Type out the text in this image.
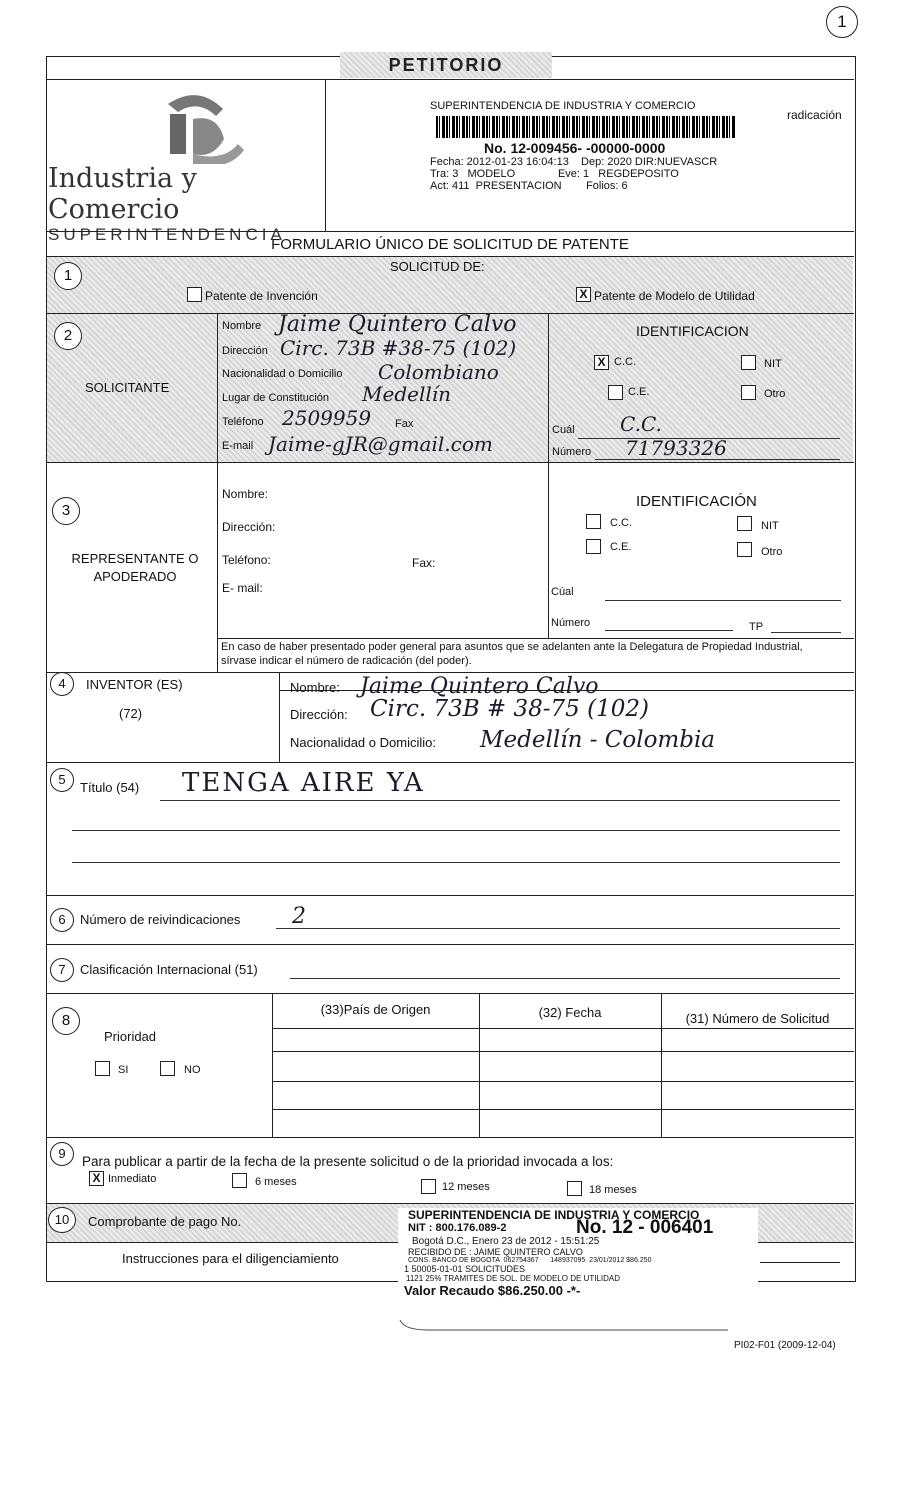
1
PETITORIO
Industria y Comercio
SUPERINTENDENCIA
radicación
SUPERINTENDENCIA DE INDUSTRIA Y COMERCIO
No. 12-009456- -00000-0000
Fecha: 2012-01-23 16:04:13    Dep: 2020 DIR:NUEVASCR
Tra: 3   MODELO              Eve: 1   REGDEPOSITO
Act: 411  PRESENTACION        Folios: 6
FORMULARIO ÚNICO DE SOLICITUD DE PATENTE
1
SOLICITUD DE:
Patente de Invención	X Patente de Modelo de Utilidad
2
SOLICITANTE
Nombre Jaime Quintero Calvo
Dirección Circ. 73B #38-75 (102)
Nacionalidad o Domicilio Colombiano
Lugar de Constitución Medellín
Teléfono 2509959 Fax
E-mail Jaime-gJR@gmail.com
IDENTIFICACION
X C.C.	NIT
C.E.	Otro
Cuál C.C.
Número 71793326
3
REPRESENTANTE O APODERADO
Nombre:
Dirección:
Teléfono:	Fax:
E- mail:
IDENTIFICACIÓN
C.C.	NIT
C.E.	Otro
Cúal
Número	TP
En caso de haber presentado poder general para asuntos que se adelanten ante la Delegatura de Propiedad Industrial, sírvase indicar el número de radicación (del poder).
4	INVENTOR (ES)
(72)
Nombre: Jaime Quintero Calvo
Dirección: Circ. 73B # 38-75 (102)
Nacionalidad o Domicilio: Medellín - Colombia
5
Título (54) TENGA AIRE YA
6	Número de reivindicaciones 2
7	Clasificación Internacional (51)
8
Prioridad
SI	NO
(33)País de Origen	(32) Fecha	(31) Número de Solicitud
9
Para publicar a partir de la fecha de la presente solicitud o de la prioridad invocada a los:
X Inmediato	6 meses	12 meses	18 meses
10	Comprobante de pago No.
Instrucciones para el diligenciamiento
SUPERINTENDENCIA DE INDUSTRIA Y COMERCIO
NIT : 800.176.089-2	No. 12 - 006401
Bogotá D.C., Enero 23 de 2012 - 15:51:25
RECIBIDO DE : JAIME QUINTERO CALVO
CONS. BANCO DE BOGOTA  062754367      148937095  23/01/2012 $86.250
1 50005-01-01 SOLICITUDES
1121 25% TRAMITES DE SOL. DE MODELO DE UTILIDAD
Valor Recaudo $86.250.00 -*-
PI02-F01 (2009-12-04)
